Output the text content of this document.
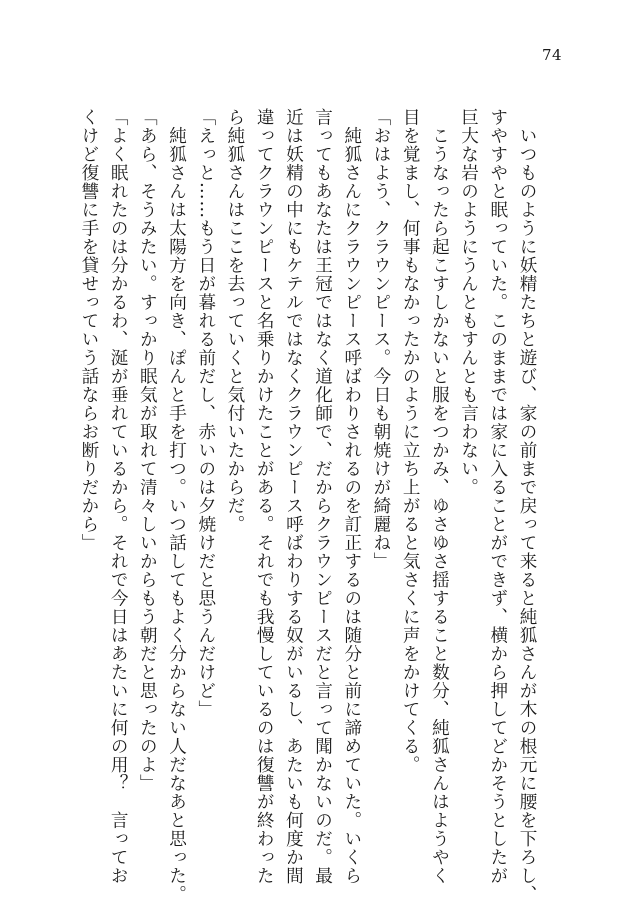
74
　いつものように妖精たちと遊び、家の前まで戻って来ると純狐さんが木の根元に腰を下ろし、
すやすやと眠っていた。このままでは家に入ることができず、横から押してどかそうとしたが
巨大な岩のようにうんともすんとも言わない。
　こうなったら起こすしかないと服をつかみ、ゆさゆさ揺すること数分、純狐さんはようやく
目を覚まし、何事もなかったかのように立ち上がると気さくに声をかけてくる。
「おはよう、クラウンピース。今日も朝焼けが綺麗ね」
　純狐さんにクラウンピース呼ばわりされるのを訂正するのは随分と前に諦めていた。いくら
言ってもあなたは王冠ではなく道化師で、だからクラウンピースだと言って聞かないのだ。最
近は妖精の中にもケテルではなくクラウンピース呼ばわりする奴がいるし、あたいも何度か間
違ってクラウンピースと名乗りかけたことがある。それでも我慢しているのは復讐が終わった
ら純狐さんはここを去っていくと気付いたからだ。
「えっと……もう日が暮れる前だし、赤いのは夕焼けだと思うんだけど」
　純狐さんは太陽方を向き、ぽんと手を打つ。いつ話してもよく分からない人だなあと思った。
「あら、そうみたい。すっかり眠気が取れて清々しいからもう朝だと思ったのよ」
「よく眠れたのは分かるわ、涎が垂れているから。それで今日はあたいに何の用？　言ってお
くけど復讐に手を貸せっていう話ならお断りだから」
